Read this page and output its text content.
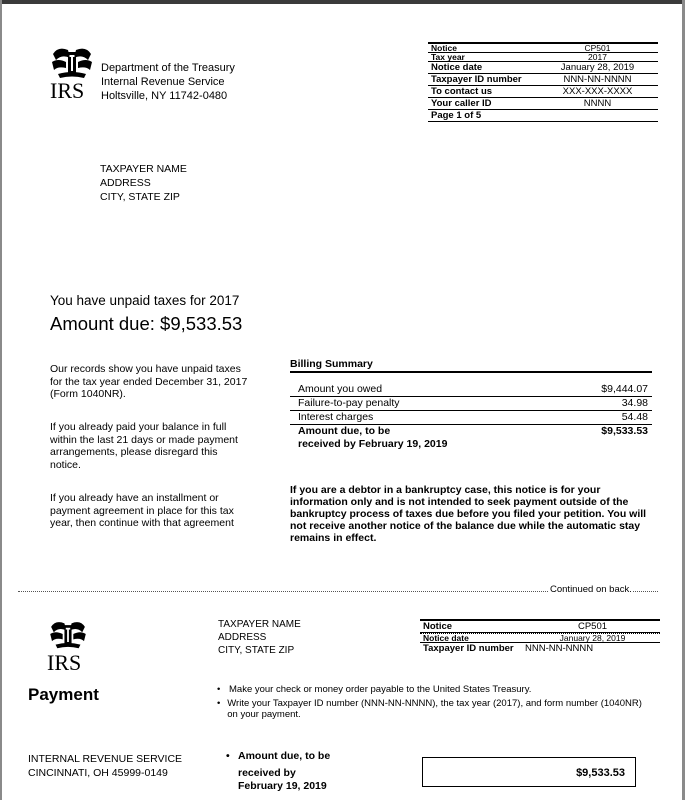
IRS
Department of the Treasury
Internal Revenue Service
Holtsville, NY 11742-0480
Notice	CP501
Tax year	2017
Notice date	January 28, 2019
Taxpayer ID number	NNN-NN-NNNN
To contact us	XXX-XXX-XXXX
Your caller ID	NNNN
Page 1 of 5
TAXPAYER NAME
ADDRESS
CITY, STATE ZIP
You have unpaid taxes for 2017
Amount due: $9,533.53
Our records show you have unpaid taxes for the tax year ended December 31, 2017 (Form 1040NR).
If you already paid your balance in full within the last 21 days or made payment arrangements, please disregard this notice.
If you already have an installment or payment agreement in place for this tax year, then continue with that agreement
Billing Summary
Amount you owed	$9,444.07
Failure-to-pay penalty	34.98
Interest charges	54.48
Amount due, to be
received by February 19, 2019
$9,533.53
If you are a debtor in a bankruptcy case, this notice is for your information only and is not intended to seek payment outside of the bankruptcy process of taxes due before you filed your petition. You will not receive another notice of the balance due while the automatic stay remains in effect.
Continued on back.
IRS
Payment
TAXPAYER NAME
ADDRESS
CITY, STATE ZIP
Notice	CP501
Notice date	January 28, 2019
Taxpayer ID number	NNN-NN-NNNN
• Make your check or money order payable to the United States Treasury.
• Write your Taxpayer ID number (NNN-NN-NNNN), the tax year (2017), and form number (1040NR) on your payment.
INTERNAL REVENUE SERVICE
CINCINNATI, OH 45999-0149
• Amount due, to be
received by
February 19, 2019
$9,533.53
